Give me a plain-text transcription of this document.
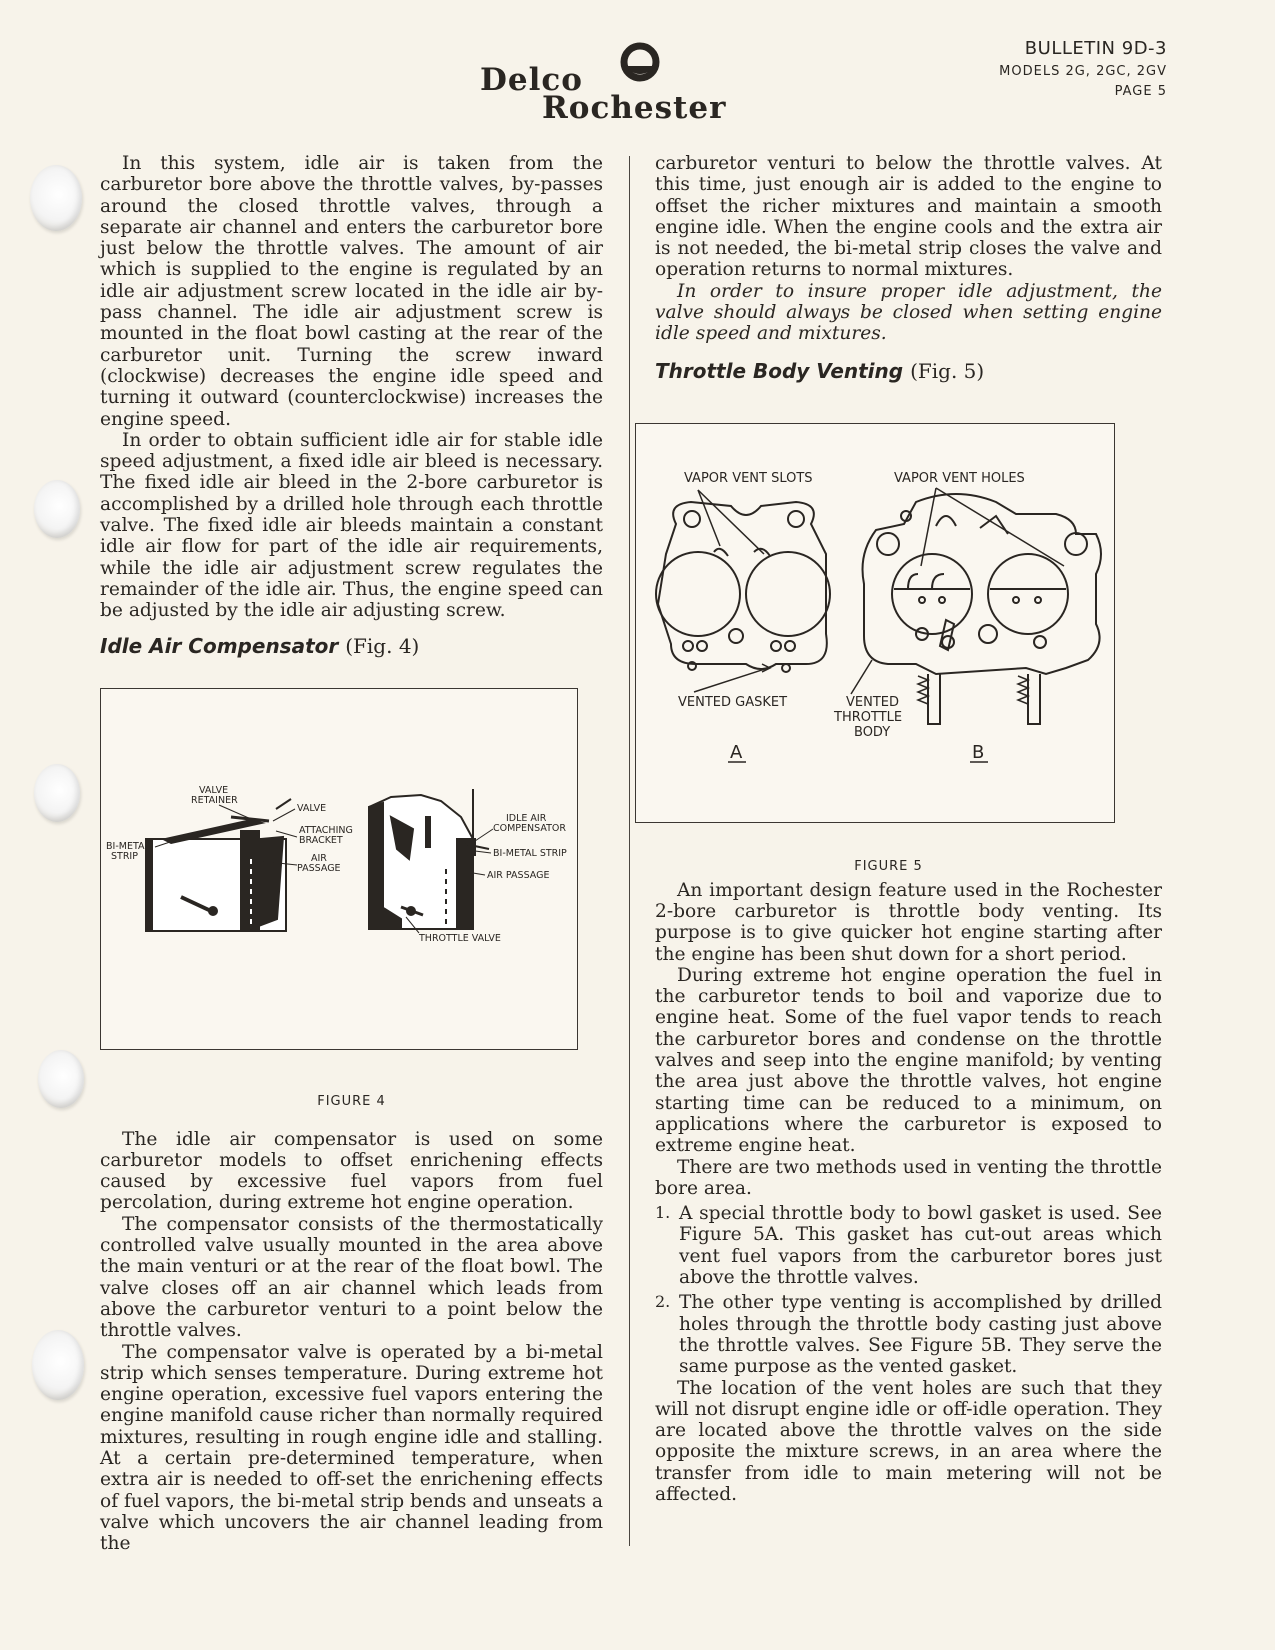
Delco
Rochester
BULLETIN 9D-3
MODELS 2G, 2GC, 2GV
PAGE 5

In this system, idle air is taken from the carburetor bore above the throttle valves, by-passes around the closed throttle valves, through a separate air channel and enters the carburetor bore just below the throttle valves. The amount of air which is supplied to the engine is regulated by an idle air adjustment screw located in the idle air by-pass channel. The idle air adjustment screw is mounted in the float bowl casting at the rear of the carburetor unit. Turning the screw inward (clockwise) decreases the engine idle speed and turning it outward (counterclockwise) increases the engine speed.

In order to obtain sufficient idle air for stable idle speed adjustment, a fixed idle air bleed is necessary. The fixed idle air bleed in the 2-bore carburetor is accomplished by a drilled hole through each throttle valve. The fixed idle air bleeds maintain a constant idle air flow for part of the idle air requirements, while the idle air adjustment screw regulates the remainder of the idle air. Thus, the engine speed can be adjusted by the idle air adjusting screw.

Idle Air Compensator (Fig. 4)
VALVE
RETAINER
VALVE
ATTACHING
BRACKET
AIR
PASSAGE
BI-METAL
STRIP
IDLE AIR
COMPENSATOR
BI-METAL STRIP
AIR PASSAGE
THROTTLE VALVE
FIGURE 4

The idle air compensator is used on some carburetor models to offset enrichening effects caused by excessive fuel vapors from fuel percolation, during extreme hot engine operation.

The compensator consists of the thermostatically controlled valve usually mounted in the area above the main venturi or at the rear of the float bowl. The valve closes off an air channel which leads from above the carburetor venturi to a point below the throttle valves.

The compensator valve is operated by a bi-metal strip which senses temperature. During extreme hot engine operation, excessive fuel vapors entering the engine manifold cause richer than normally required mixtures, resulting in rough engine idle and stalling. At a certain pre-determined temperature, when extra air is needed to off-set the enrichening effects of fuel vapors, the bi-metal strip bends and unseats a valve which uncovers the air channel leading from the

carburetor venturi to below the throttle valves. At this time, just enough air is added to the engine to offset the richer mixtures and maintain a smooth engine idle. When the engine cools and the extra air is not needed, the bi-metal strip closes the valve and operation returns to normal mixtures.

In order to insure proper idle adjustment, the valve should always be closed when setting engine idle speed and mixtures.

Throttle Body Venting (Fig. 5)
VAPOR VENT SLOTS	VAPOR VENT HOLES
VENTED GASKET	VENTED
THROTTLE
BODY
A	B
FIGURE 5

An important design feature used in the Rochester 2-bore carburetor is throttle body venting. Its purpose is to give quicker hot engine starting after the engine has been shut down for a short period.

During extreme hot engine operation the fuel in the carburetor tends to boil and vaporize due to engine heat. Some of the fuel vapor tends to reach the carburetor bores and condense on the throttle valves and seep into the engine manifold; by venting the area just above the throttle valves, hot engine starting time can be reduced to a minimum, on applications where the carburetor is exposed to extreme engine heat.

There are two methods used in venting the throttle bore area.

1. A special throttle body to bowl gasket is used. See Figure 5A. This gasket has cut-out areas which vent fuel vapors from the carburetor bores just above the throttle valves.

2. The other type venting is accomplished by drilled holes through the throttle body casting just above the throttle valves. See Figure 5B. They serve the same purpose as the vented gasket.

The location of the vent holes are such that they will not disrupt engine idle or off-idle operation. They are located above the throttle valves on the side opposite the mixture screws, in an area where the transfer from idle to main metering will not be affected.
